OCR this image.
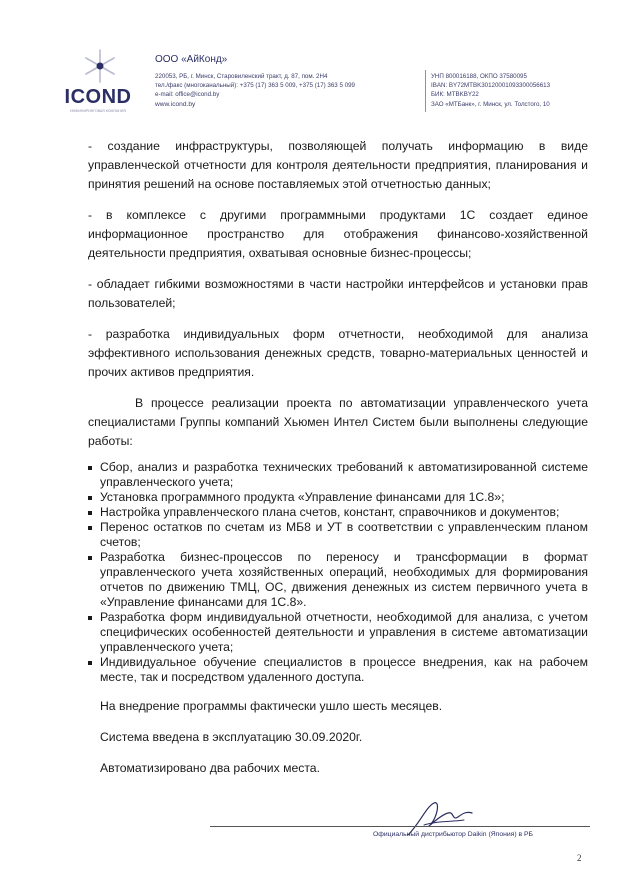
ICOND
ИНЖИНИРИНГОВАЯ КОМПАНИЯ
ООО «АйКонд»
220053, РБ, г. Минск, Старовиленский тракт, д. 87, пом. 2Н4
тел./факс (многоканальный): +375 (17) 363 5 009, +375 (17) 363 5 099
e-mail: office@icond.by
www.icond.by
УНП 800016188, ОКПО 37580095
IBAN: BY72MTBK30120001093300056613
БИК: MTBKBY22
ЗАО «МТБанк», г. Минск, ул. Толстого, 10

- создание инфраструктуры, позволяющей получать информацию в виде управленческой отчетности для контроля деятельности предприятия, планирования и принятия решений на основе поставляемых этой отчетностью данных;

- в комплексе с другими программными продуктами 1С создает единое информационное пространство для отображения финансово-хозяйственной деятельности предприятия, охватывая основные бизнес-процессы;

- обладает гибкими возможностями в части настройки интерфейсов и установки прав пользователей;

- разработка индивидуальных форм отчетности, необходимой для анализа эффективного использования денежных средств, товарно-материальных ценностей и прочих активов предприятия.

В процессе реализации проекта по автоматизации управленческого учета специалистами Группы компаний Хьюмен Интел Систем были выполнены следующие работы:

Сбор, анализ и разработка технических требований к автоматизированной системе управленческого учета;
Установка программного продукта «Управление финансами для 1С.8»;
Настройка управленческого плана счетов, констант, справочников и документов;
Перенос остатков по счетам из МБ8 и УТ в соответствии с управленческим планом счетов;
Разработка бизнес-процессов по переносу и трансформации в формат управленческого учета хозяйственных операций, необходимых для формирования отчетов по движению ТМЦ, ОС, движения денежных из систем первичного учета в «Управление финансами для 1С.8».
Разработка форм индивидуальной отчетности, необходимой для анализа, с учетом специфических особенностей деятельности и управления в системе автоматизации управленческого учета;
Индивидуальное обучение специалистов в процессе внедрения, как на рабочем месте, так и посредством удаленного доступа.

На внедрение программы фактически ушло шесть месяцев.

Система введена в эксплуатацию 30.09.2020г.

Автоматизировано два рабочих места.

Официальный дистрибьютор Daikin (Япония) в РБ
2
